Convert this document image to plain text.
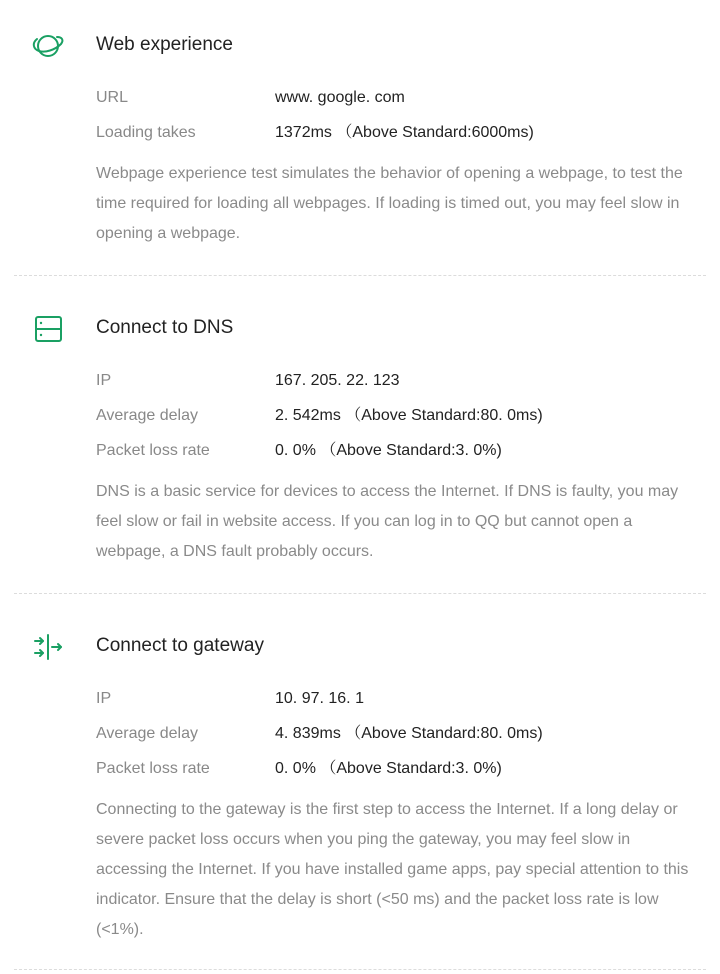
Web experience
URL	www. google. com
Loading takes	1372ms （Above Standard:6000ms)
Webpage experience test simulates the behavior of opening a webpage, to test the time required for loading all webpages. If loading is timed out, you may feel slow in opening a webpage.
Connect to DNS
IP	167. 205. 22. 123
Average delay	2. 542ms （Above Standard:80. 0ms)
Packet loss rate	0. 0% （Above Standard:3. 0%)
DNS is a basic service for devices to access the Internet. If DNS is faulty, you may feel slow or fail in website access. If you can log in to QQ but cannot open a webpage, a DNS fault probably occurs.
Connect to gateway
IP	10. 97. 16. 1
Average delay	4. 839ms （Above Standard:80. 0ms)
Packet loss rate	0. 0% （Above Standard:3. 0%)
Connecting to the gateway is the first step to access the Internet. If a long delay or severe packet loss occurs when you ping the gateway, you may feel slow in accessing the Internet. If you have installed game apps, pay special attention to this indicator. Ensure that the delay is short (<50 ms) and the packet loss rate is low (<1%).
